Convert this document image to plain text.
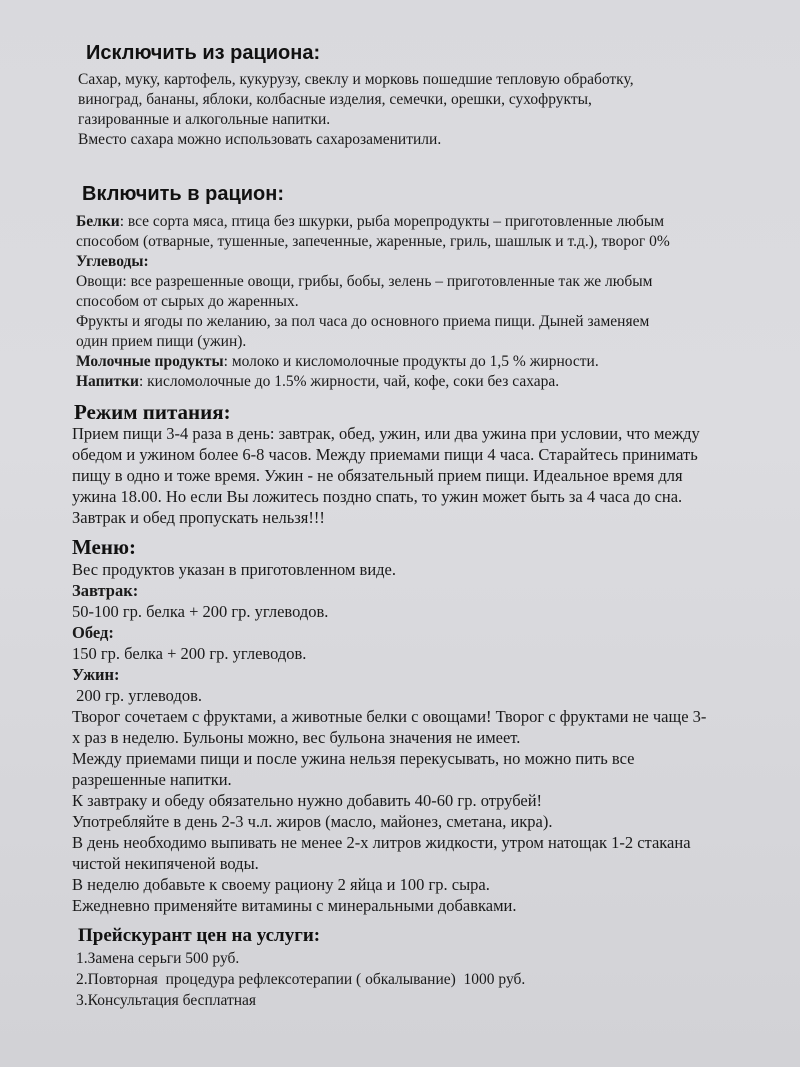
Исключить из рациона:
Сахар, муку, картофель, кукурузу, свеклу и морковь пошедшие тепловую обработку,
виноград, бананы, яблоки, колбасные изделия, семечки, орешки, сухофрукты,
газированные и алкогольные напитки.
Вместо сахара можно использовать сахарозаменитили.
Включить в рацион:
Белки: все сорта мяса, птица без шкурки, рыба морепродукты – приготовленные любым
способом (отварные, тушенные, запеченные, жаренные, гриль, шашлык и т.д.), творог 0%
Углеводы:
Овощи: все разрешенные овощи, грибы, бобы, зелень – приготовленные так же любым
способом от сырых до жаренных.
Фрукты и ягоды по желанию, за пол часа до основного приема пищи. Дыней заменяем
один прием пищи (ужин).
Молочные продукты: молоко и кисломолочные продукты до 1,5 % жирности.
Напитки: кисломолочные до 1.5% жирности, чай, кофе, соки без сахара.
Режим питания:
Прием пищи 3-4 раза в день: завтрак, обед, ужин, или два ужина при условии, что между
обедом и ужином более 6-8 часов. Между приемами пищи 4 часа. Старайтесь принимать
пищу в одно и тоже время. Ужин - не обязательный прием пищи. Идеальное время для
ужина 18.00. Но если Вы ложитесь поздно спать, то ужин может быть за 4 часа до сна.
Завтрак и обед пропускать нельзя!!!
Меню:
Вес продуктов указан в приготовленном виде.
Завтрак:
50-100 гр. белка + 200 гр. углеводов.
Обед:
150 гр. белка + 200 гр. углеводов.
Ужин:
200 гр. углеводов.
Творог сочетаем с фруктами, а животные белки с овощами! Творог с фруктами не чаще 3-
х раз в неделю. Бульоны можно, вес бульона значения не имеет.
Между приемами пищи и после ужина нельзя перекусывать, но можно пить все
разрешенные напитки.
К завтраку и обеду обязательно нужно добавить 40-60 гр. отрубей!
Употребляйте в день 2-3 ч.л. жиров (масло, майонез, сметана, икра).
В день необходимо выпивать не менее 2-х литров жидкости, утром натощак 1-2 стакана
чистой некипяченой воды.
В неделю добавьте к своему рациону 2 яйца и 100 гр. сыра.
Ежедневно применяйте витамины с минеральными добавками.
Прейскурант цен на услуги:
1.Замена серьги 500 руб.
2.Повторная  процедура рефлексотерапии ( обкалывание)  1000 руб.
3.Консультация бесплатная
